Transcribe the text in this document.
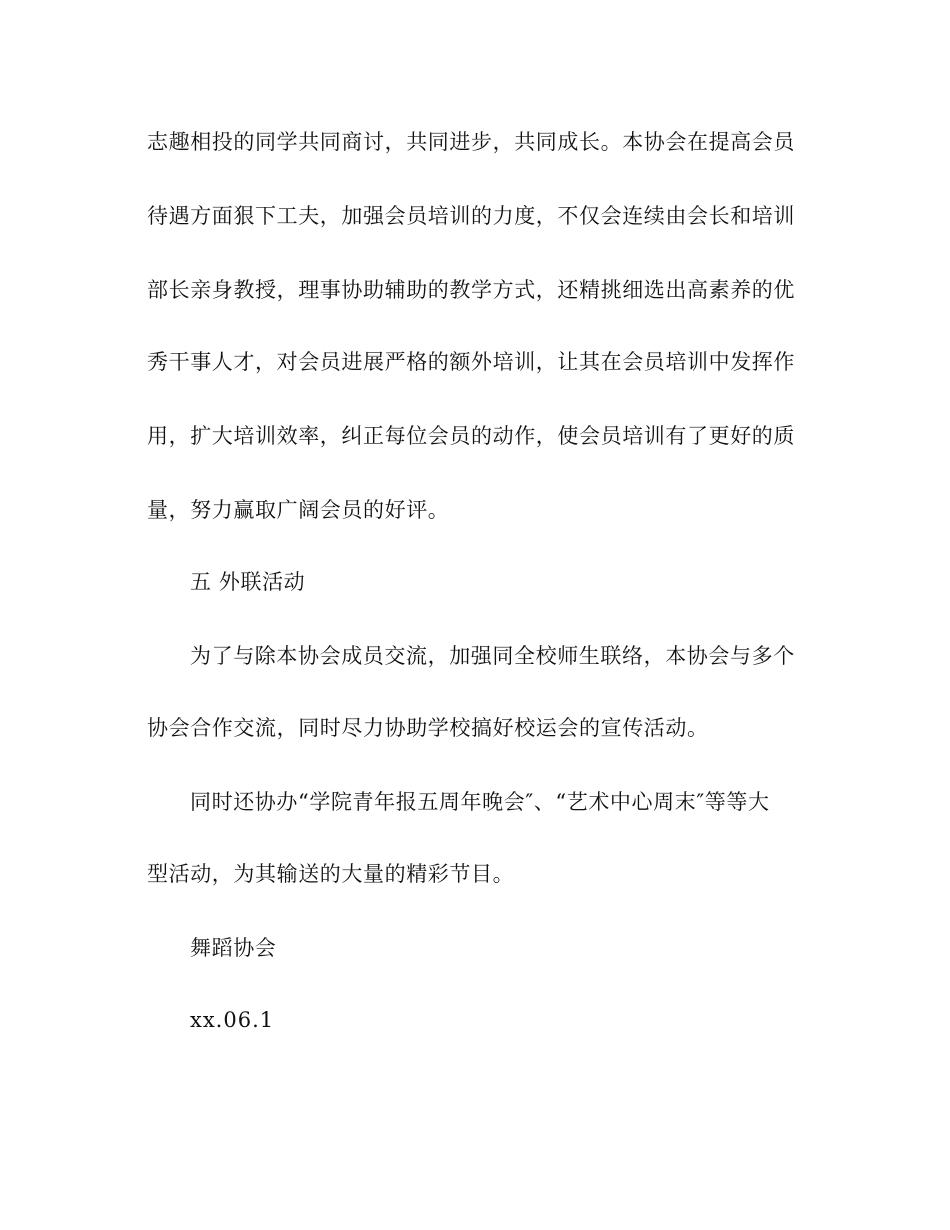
志趣相投的同学共同商讨，共同进步，共同成长。本协会在提高会员
待遇方面狠下工夫，加强会员培训的力度，不仅会连续由会长和培训
部长亲身教授，理事协助辅助的教学方式，还精挑细选出高素养的优
秀干事人才，对会员进展严格的额外培训，让其在会员培训中发挥作
用，扩大培训效率，纠正每位会员的动作，使会员培训有了更好的质
量，努力赢取广阔会员的好评。
五 外联活动
为了与除本协会成员交流，加强同全校师生联络，本协会与多个
协会合作交流，同时尽力协助学校搞好校运会的宣传活动。
同时还协办“学院青年报五周年晚会″、“艺术中心周末″等等大
型活动，为其输送的大量的精彩节目。
舞蹈协会
xx.06.1
